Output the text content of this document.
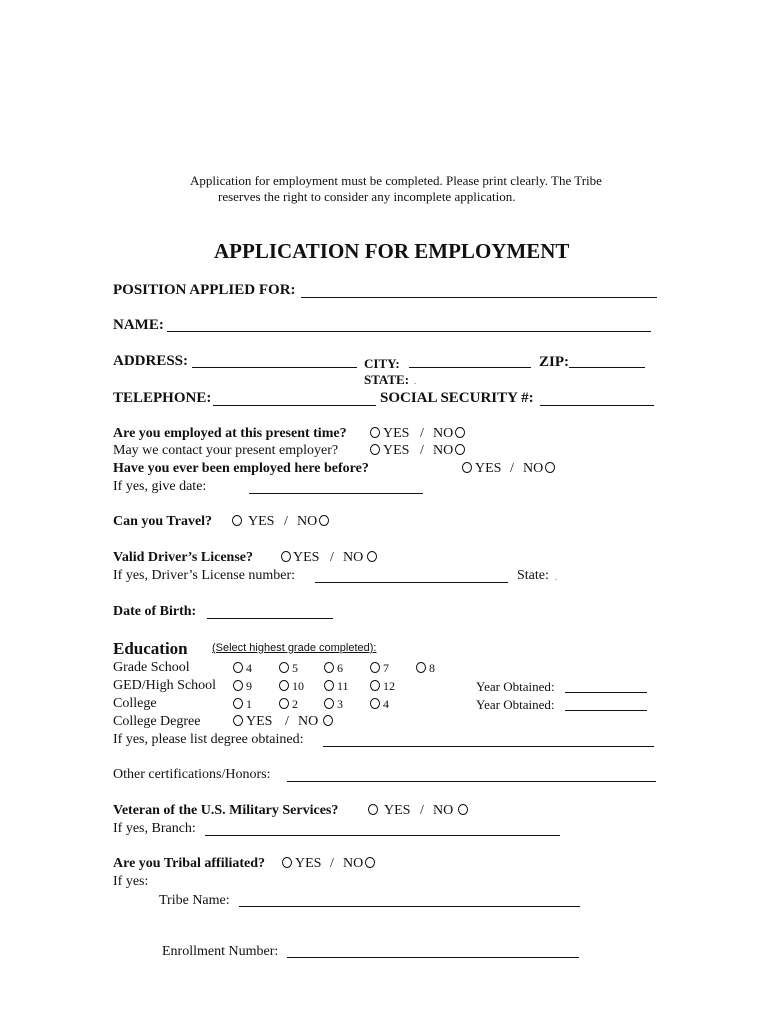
Application for employment must be completed. Please print clearly. The Tribe
reserves the right to consider any incomplete application.
APPLICATION FOR EMPLOYMENT
POSITION APPLIED FOR:
NAME:
ADDRESS:	CITY:	ZIP:
STATE: .
TELEPHONE:	SOCIAL SECURITY #:
Are you employed at this present time?	YES / NO
May we contact your present employer?	YES / NO
Have you ever been employed here before?	YES / NO
If yes, give date:
Can you Travel?	YES / NO
Valid Driver’s License?	YES / NO
If yes, Driver’s License number:	State: .
Date of Birth:
Education (Select highest grade completed):
Grade School	4	5	6	7	8
GED/High School	9	10	11	12	Year Obtained:
College	1	2	3	4	Year Obtained:
College Degree	YES / NO
If yes, please list degree obtained:
Other certifications/Honors:
Veteran of the U.S. Military Services?	YES / NO
If yes, Branch:
Are you Tribal affiliated?	YES / NO
If yes:
Tribe Name:
Enrollment Number:
